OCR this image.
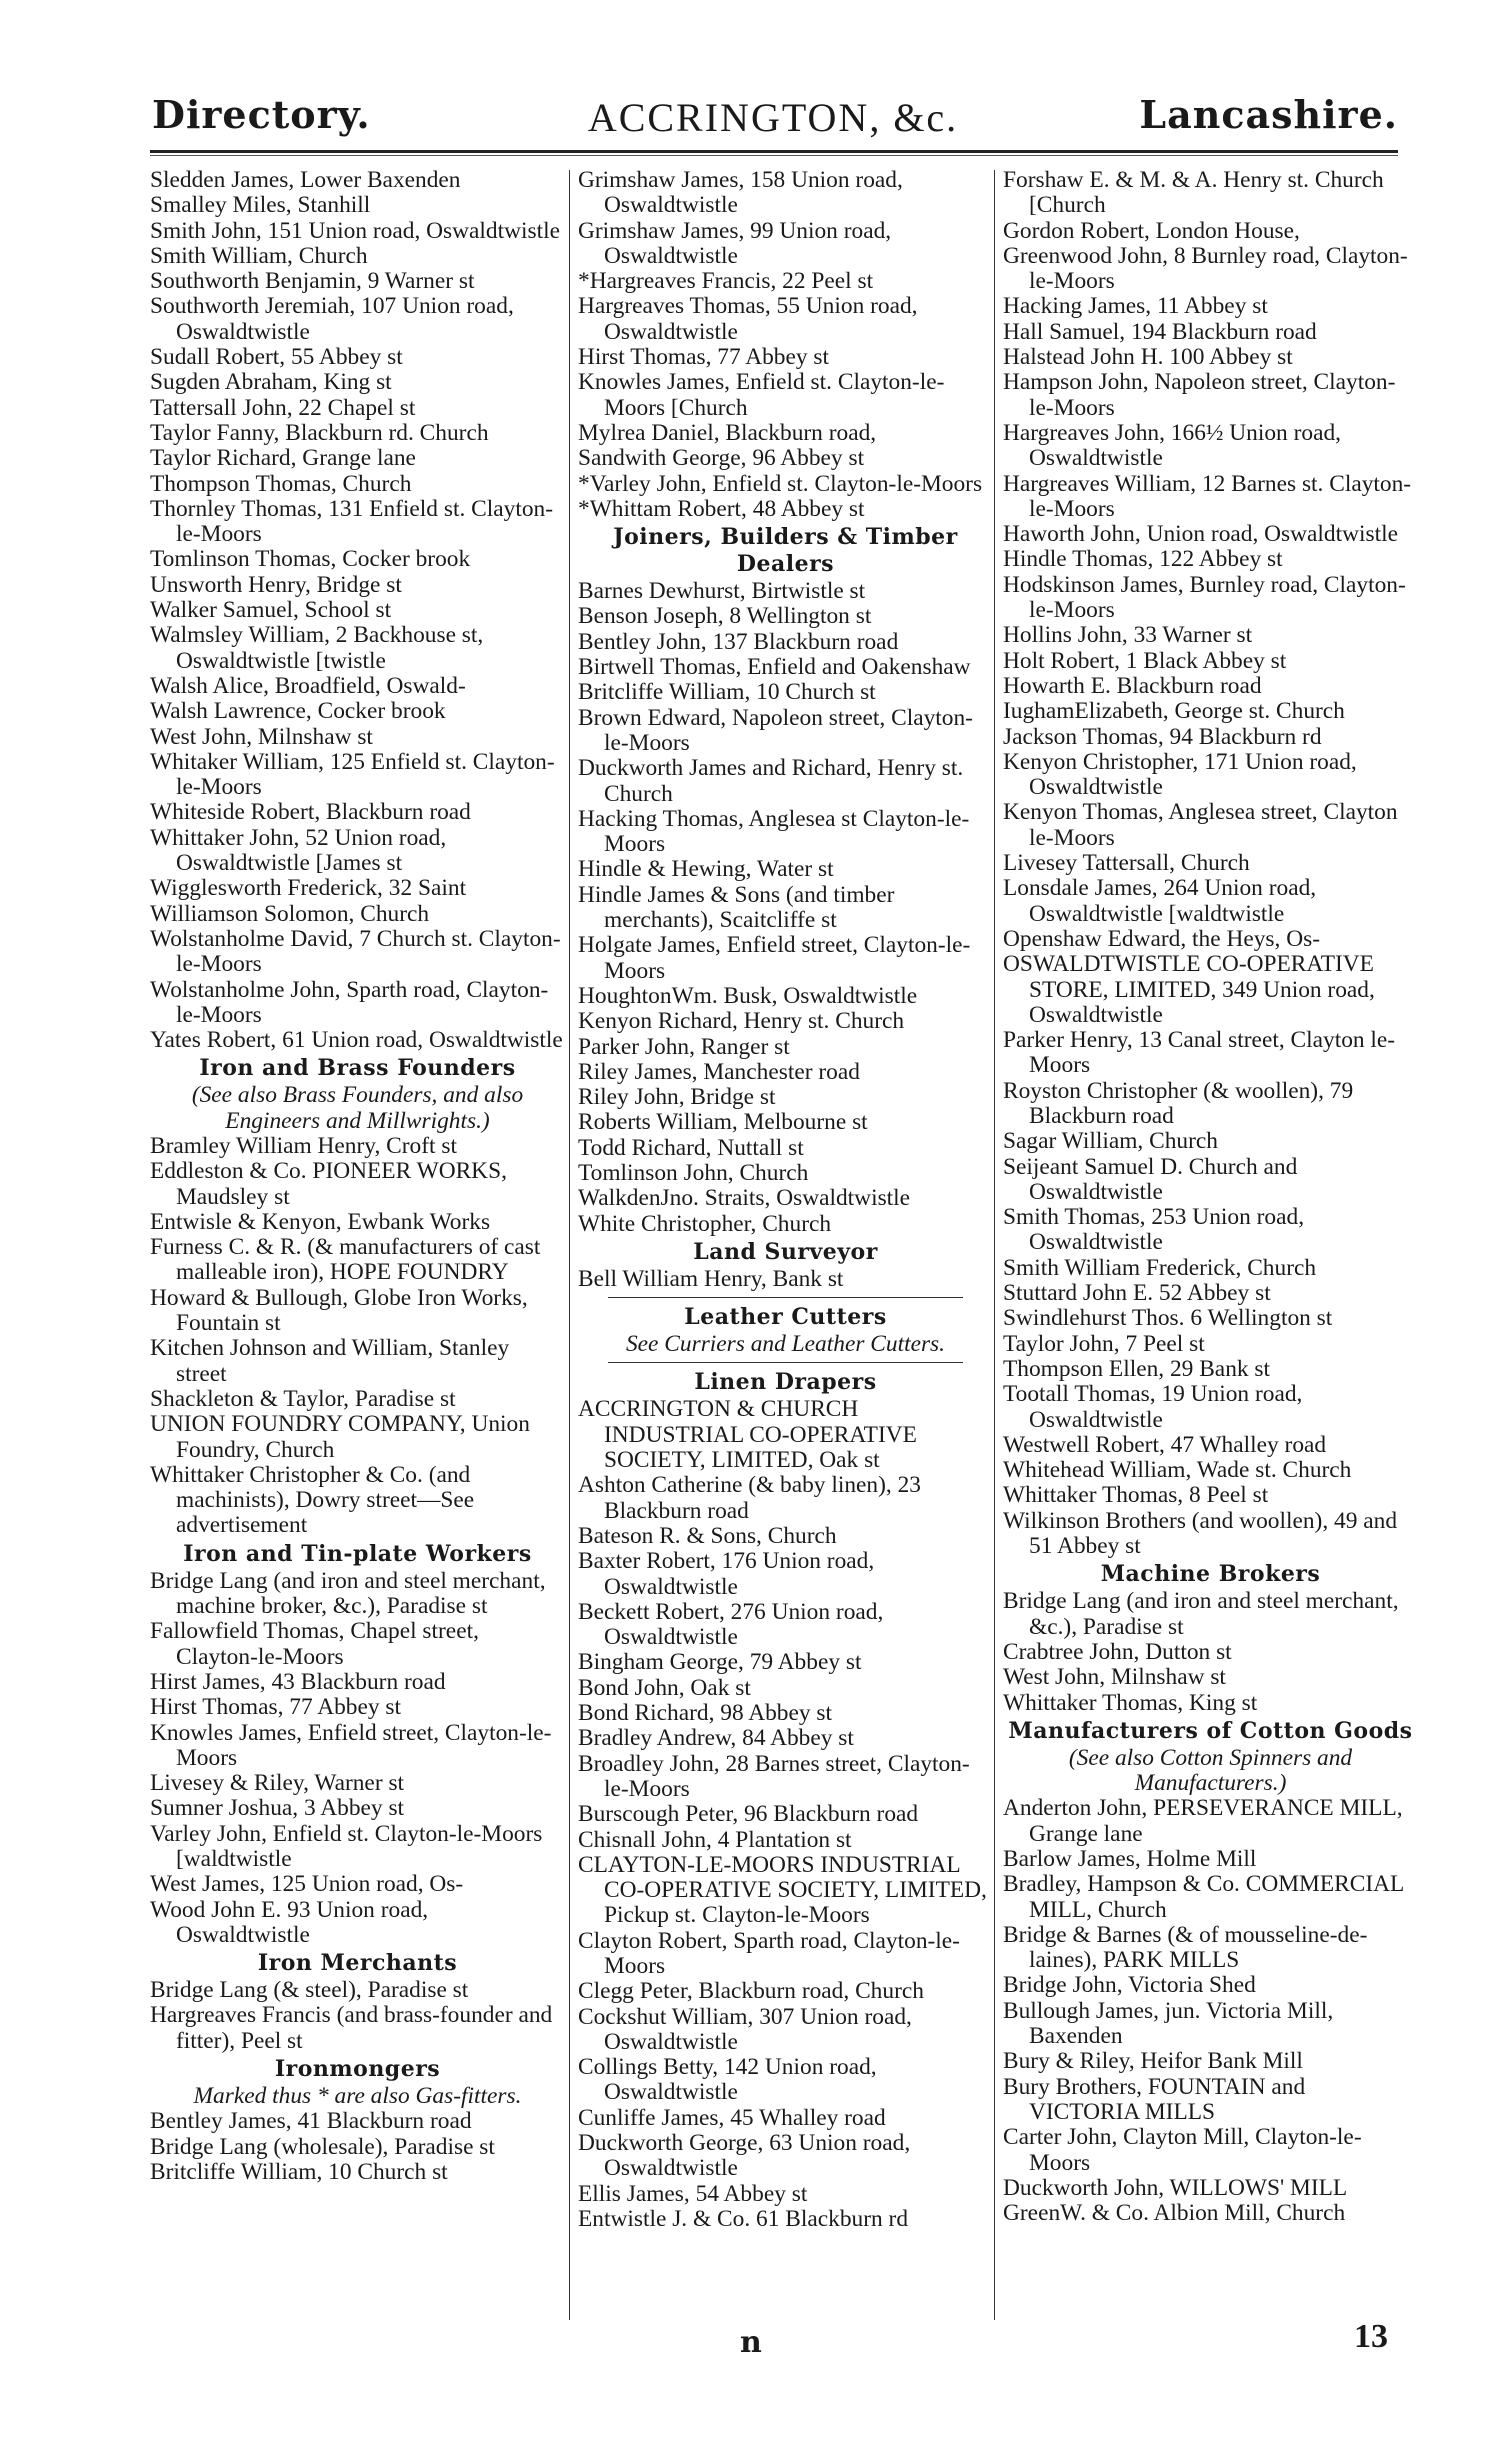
Directory.	ACCRINGTON, &c.	Lancashire.
Sledden James, Lower Baxenden
Smalley Miles, Stanhill
Smith John, 151 Union road, Oswaldtwistle
Smith William, Church
Southworth Benjamin, 9 Warner st
Southworth Jeremiah, 107 Union road, Oswaldtwistle
Sudall Robert, 55 Abbey st
Sugden Abraham, King st
Tattersall John, 22 Chapel st
Taylor Fanny, Blackburn rd. Church
Taylor Richard, Grange lane
Thompson Thomas, Church
Thornley Thomas, 131 Enfield st. Clayton-le-Moors
Tomlinson Thomas, Cocker brook
Unsworth Henry, Bridge st
Walker Samuel, School st
Walmsley William, 2 Backhouse st, Oswaldtwistle [twistle
Walsh Alice, Broadfield, Oswald-
Walsh Lawrence, Cocker brook
West John, Milnshaw st
Whitaker William, 125 Enfield st. Clayton-le-Moors
Whiteside Robert, Blackburn road
Whittaker John, 52 Union road, Oswaldtwistle [James st
Wigglesworth Frederick, 32 Saint
Williamson Solomon, Church
Wolstanholme David, 7 Church st. Clayton-le-Moors
Wolstanholme John, Sparth road, Clayton-le-Moors
Yates Robert, 61 Union road, Oswaldtwistle
Iron and Brass Founders
(See also Brass Founders, and also Engineers and Millwrights.)
Bramley William Henry, Croft st
Eddleston & Co. PIONEER WORKS, Maudsley st
Entwisle & Kenyon, Ewbank Works
Furness C. & R. (& manufacturers of cast malleable iron), HOPE FOUNDRY
Howard & Bullough, Globe Iron Works, Fountain st
Kitchen Johnson and William, Stanley street
Shackleton & Taylor, Paradise st
UNION FOUNDRY COMPANY, Union Foundry, Church
Whittaker Christopher & Co. (and machinists), Dowry street—See advertisement
Iron and Tin-plate Workers
Bridge Lang (and iron and steel merchant, machine broker, &c.), Paradise st
Fallowfield Thomas, Chapel street, Clayton-le-Moors
Hirst James, 43 Blackburn road
Hirst Thomas, 77 Abbey st
Knowles James, Enfield street, Clayton-le-Moors
Livesey & Riley, Warner st
Sumner Joshua, 3 Abbey st
Varley John, Enfield st. Clayton-le-Moors [waldtwistle
West James, 125 Union road, Os-
Wood John E. 93 Union road, Oswaldtwistle
Iron Merchants
Bridge Lang (& steel), Paradise st
Hargreaves Francis (and brass-founder and fitter), Peel st
Ironmongers
Marked thus * are also Gas-fitters.
Bentley James, 41 Blackburn road
Bridge Lang (wholesale), Paradise st
Britcliffe William, 10 Church st
Grimshaw James, 158 Union road, Oswaldtwistle
Grimshaw James, 99 Union road, Oswaldtwistle
*Hargreaves Francis, 22 Peel st
Hargreaves Thomas, 55 Union road, Oswaldtwistle
Hirst Thomas, 77 Abbey st
Knowles James, Enfield st. Clayton-le-Moors [Church
Mylrea Daniel, Blackburn road,
Sandwith George, 96 Abbey st
*Varley John, Enfield st. Clayton-le-Moors
*Whittam Robert, 48 Abbey st
Joiners, Builders & Timber Dealers
Barnes Dewhurst, Birtwistle st
Benson Joseph, 8 Wellington st
Bentley John, 137 Blackburn road
Birtwell Thomas, Enfield and Oakenshaw
Britcliffe William, 10 Church st
Brown Edward, Napoleon street, Clayton-le-Moors
Duckworth James and Richard, Henry st. Church
Hacking Thomas, Anglesea st Clayton-le-Moors
Hindle & Hewing, Water st
Hindle James & Sons (and timber merchants), Scaitcliffe st
Holgate James, Enfield street, Clayton-le-Moors
HoughtonWm. Busk, Oswaldtwistle
Kenyon Richard, Henry st. Church
Parker John, Ranger st
Riley James, Manchester road
Riley John, Bridge st
Roberts William, Melbourne st
Todd Richard, Nuttall st
Tomlinson John, Church
WalkdenJno. Straits, Oswaldtwistle
White Christopher, Church
Land Surveyor
Bell William Henry, Bank st
Leather Cutters
See Curriers and Leather Cutters.
Linen Drapers
ACCRINGTON & CHURCH INDUSTRIAL CO-OPERATIVE SOCIETY, LIMITED, Oak st
Ashton Catherine (& baby linen), 23 Blackburn road
Bateson R. & Sons, Church
Baxter Robert, 176 Union road, Oswaldtwistle
Beckett Robert, 276 Union road, Oswaldtwistle
Bingham George, 79 Abbey st
Bond John, Oak st
Bond Richard, 98 Abbey st
Bradley Andrew, 84 Abbey st
Broadley John, 28 Barnes street, Clayton-le-Moors
Burscough Peter, 96 Blackburn road
Chisnall John, 4 Plantation st
CLAYTON-LE-MOORS INDUSTRIAL CO-OPERATIVE SOCIETY, LIMITED, Pickup st. Clayton-le-Moors
Clayton Robert, Sparth road, Clayton-le-Moors
Clegg Peter, Blackburn road, Church
Cockshut William, 307 Union road, Oswaldtwistle
Collings Betty, 142 Union road, Oswaldtwistle
Cunliffe James, 45 Whalley road
Duckworth George, 63 Union road, Oswaldtwistle
Ellis James, 54 Abbey st
Entwistle J. & Co. 61 Blackburn rd
Forshaw E. & M. & A. Henry st. Church [Church
Gordon Robert, London House,
Greenwood John, 8 Burnley road, Clayton-le-Moors
Hacking James, 11 Abbey st
Hall Samuel, 194 Blackburn road
Halstead John H. 100 Abbey st
Hampson John, Napoleon street, Clayton-le-Moors
Hargreaves John, 166½ Union road, Oswaldtwistle
Hargreaves William, 12 Barnes st. Clayton-le-Moors
Haworth John, Union road, Oswaldtwistle
Hindle Thomas, 122 Abbey st
Hodskinson James, Burnley road, Clayton-le-Moors
Hollins John, 33 Warner st
Holt Robert, 1 Black Abbey st
Howarth E. Blackburn road
IughamElizabeth, George st. Church
Jackson Thomas, 94 Blackburn rd
Kenyon Christopher, 171 Union road, Oswaldtwistle
Kenyon Thomas, Anglesea street, Clayton le-Moors
Livesey Tattersall, Church
Lonsdale James, 264 Union road, Oswaldtwistle [waldtwistle
Openshaw Edward, the Heys, Os-
OSWALDTWISTLE CO-OPERATIVE STORE, LIMITED, 349 Union road, Oswaldtwistle
Parker Henry, 13 Canal street, Clayton le-Moors
Royston Christopher (& woollen), 79 Blackburn road
Sagar William, Church
Seijeant Samuel D. Church and Oswaldtwistle
Smith Thomas, 253 Union road, Oswaldtwistle
Smith William Frederick, Church
Stuttard John E. 52 Abbey st
Swindlehurst Thos. 6 Wellington st
Taylor John, 7 Peel st
Thompson Ellen, 29 Bank st
Tootall Thomas, 19 Union road, Oswaldtwistle
Westwell Robert, 47 Whalley road
Whitehead William, Wade st. Church
Whittaker Thomas, 8 Peel st
Wilkinson Brothers (and woollen), 49 and 51 Abbey st
Machine Brokers
Bridge Lang (and iron and steel merchant, &c.), Paradise st
Crabtree John, Dutton st
West John, Milnshaw st
Whittaker Thomas, King st
Manufacturers of Cotton Goods
(See also Cotton Spinners and Manufacturers.)
Anderton John, PERSEVERANCE MILL, Grange lane
Barlow James, Holme Mill
Bradley, Hampson & Co. COMMERCIAL MILL, Church
Bridge & Barnes (& of mousseline-de-laines), PARK MILLS
Bridge John, Victoria Shed
Bullough James, jun. Victoria Mill, Baxenden
Bury & Riley, Heifor Bank Mill
Bury Brothers, FOUNTAIN and VICTORIA MILLS
Carter John, Clayton Mill, Clayton-le-Moors
Duckworth John, WILLOWS' MILL
GreenW. & Co. Albion Mill, Church
n	13
